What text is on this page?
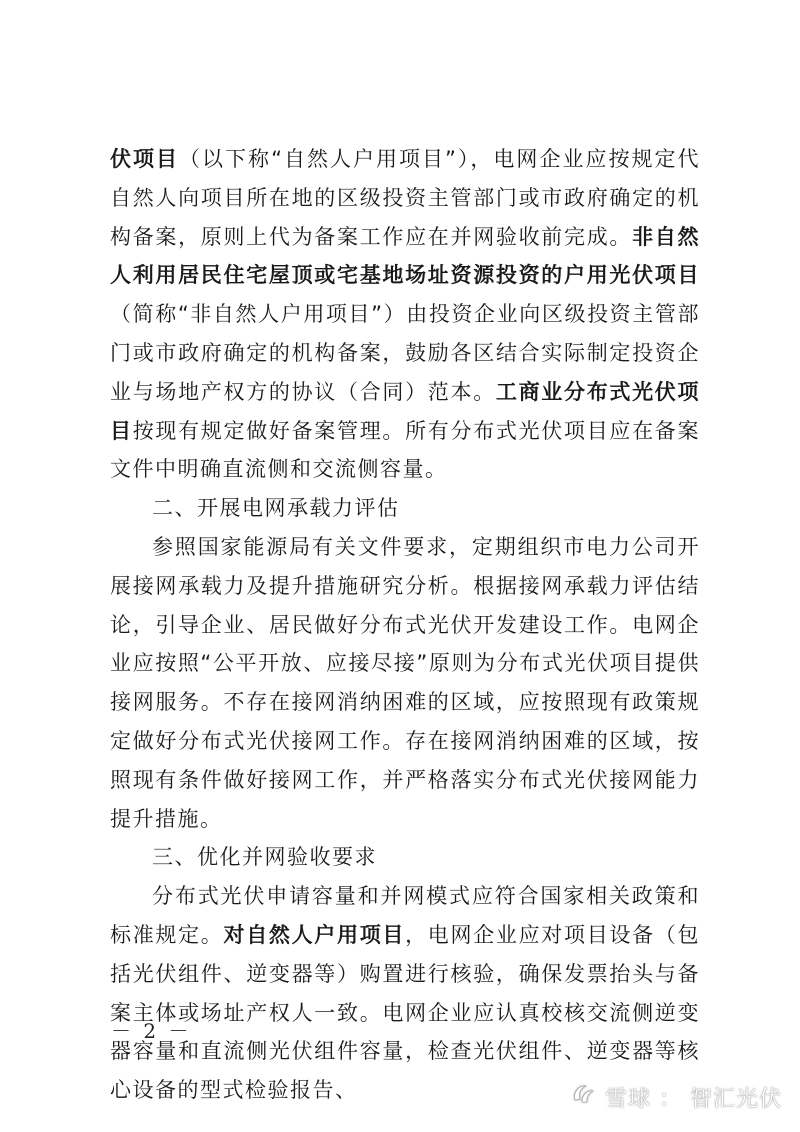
伏项目（以下称“自然人户用项目”），电网企业应按规定代自然人向项目所在地的区级投资主管部门或市政府确定的机构备案，原则上代为备案工作应在并网验收前完成。非自然人利用居民住宅屋顶或宅基地场址资源投资的户用光伏项目（简称“非自然人户用项目”）由投资企业向区级投资主管部门或市政府确定的机构备案，鼓励各区结合实际制定投资企业与场地产权方的协议（合同）范本。工商业分布式光伏项目按现有规定做好备案管理。所有分布式光伏项目应在备案文件中明确直流侧和交流侧容量。

二、开展电网承载力评估

参照国家能源局有关文件要求，定期组织市电力公司开展接网承载力及提升措施研究分析。根据接网承载力评估结论，引导企业、居民做好分布式光伏开发建设工作。电网企业应按照“公平开放、应接尽接”原则为分布式光伏项目提供接网服务。不存在接网消纳困难的区域，应按照现有政策规定做好分布式光伏接网工作。存在接网消纳困难的区域，按照现有条件做好接网工作，并严格落实分布式光伏接网能力提升措施。

三、优化并网验收要求

分布式光伏申请容量和并网模式应符合国家相关政策和标准规定。对自然人户用项目，电网企业应对项目设备（包括光伏组件、逆变器等）购置进行核验，确保发票抬头与备案主体或场址产权人一致。电网企业应认真校核交流侧逆变器容量和直流侧光伏组件容量，检查光伏组件、逆变器等核心设备的型式检验报告、

－ 2 －
雪球 ： 智汇光伏
